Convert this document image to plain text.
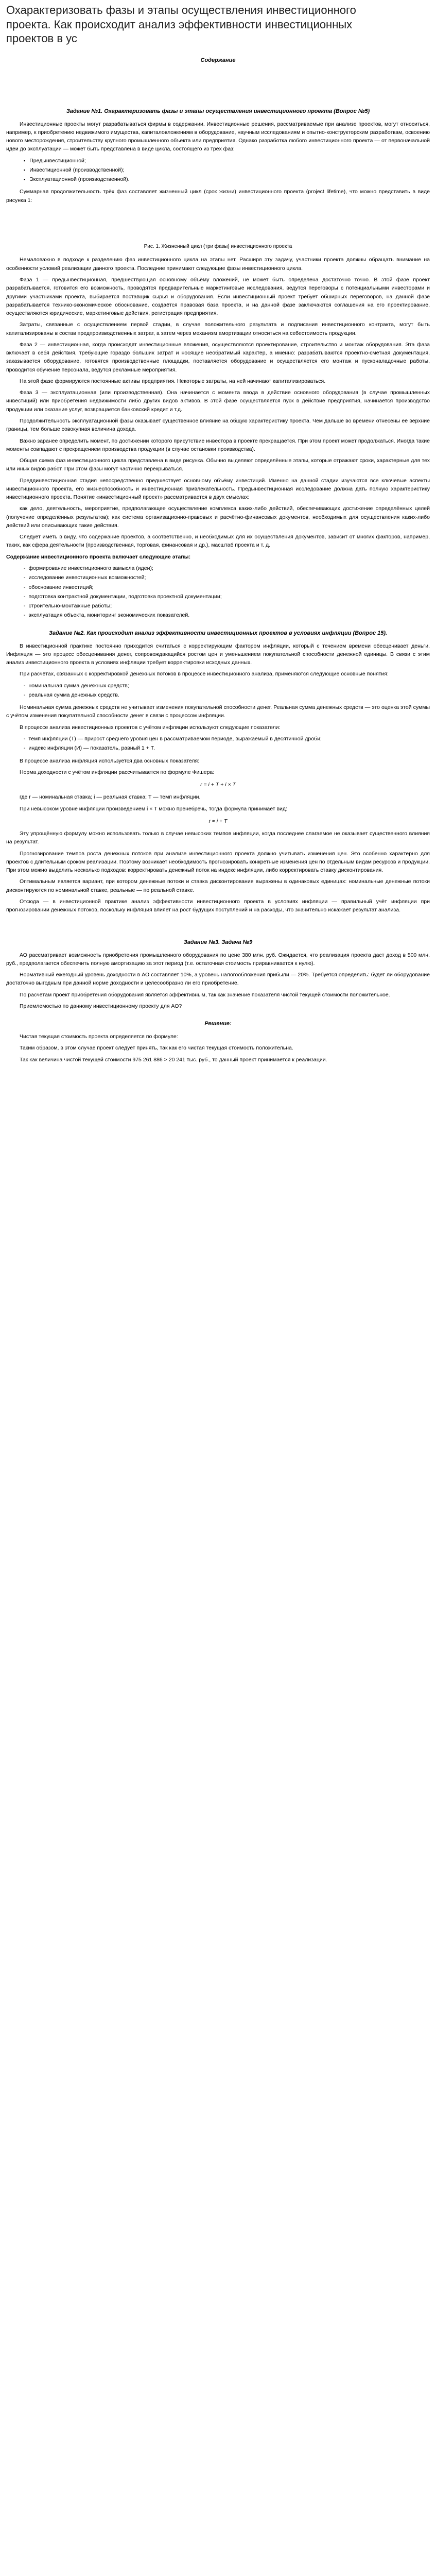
Охарактеризовать фазы и этапы осуществления инвестиционного проекта. Как происходит анализ эффективности инвестиционных проектов в ус
Содержание
Задание №1. Охарактеризовать фазы и этапы осуществления инвестиционного проекта (Вопрос №5)

Инвестиционные проекты могут разрабатываться фирмы в содержании. Инвестиционные решения, рассматриваемые при анализе проектов, могут относиться, например, к приобретению недвижимого имущества, капиталовложениям в оборудование, научным исследованиям и опытно-конструкторским разработкам, освоению нового месторождения, строительству крупного промышленного объекта или предприятия. Однако разработка любого инвестиционного проекта — от первоначальной идеи до эксплуатации — может быть представлена в виде цикла, состоящего из трёх фаз:

▪ Предынвестиционной;
▪ Инвестиционной (производственной);
▪ Эксплуатационной (производственной).

Суммарная продолжительность трёх фаз составляет жизненный цикл (срок жизни) инвестиционного проекта (project lifetime), что можно представить в виде рисунка 1:

Рис. 1. Жизненный цикл (три фазы) инвестиционного проекта

Немаловажно в подходе к разделению фаз инвестиционного цикла на этапы нет. Расширя эту задачу, участники проекта должны обращать внимание на особенности условий реализации данного проекта. Последние принимают следующие фазы инвестиционного цикла.

Фаза 1 — предынвестиционная, предшествующая основному объёму вложений, не может быть определена достаточно точно. В этой фазе проект разрабатывается, готовится его возможность, проводятся предварительные маркетинговые исследования, ведутся переговоры с потенциальными инвесторами и другими участниками проекта, выбирается поставщик сырья и оборудования. Если инвестиционный проект требует обширных переговоров, на данной фазе разрабатывается технико-экономическое обоснование, создаётся правовая база проекта, и на данной фазе заключаются соглашения на его проектирование, осуществляются юридические, маркетинговые действия, регистрация предприятия.

Затраты, связанные с осуществлением первой стадии, в случае положительного результата и подписания инвестиционного контракта, могут быть капитализированы в состав предпроизводственных затрат, а затем через механизм амортизации относиться на себестоимость продукции.

Фаза 2 — инвестиционная, когда происходят инвестиционные вложения, осуществляются проектирование, строительство и монтаж оборудования. Эта фаза включает в себя действия, требующие гораздо больших затрат и носящие необратимый характер, а именно: разрабатываются проектно-сметная документация, заказывается оборудование, готовятся производственные площадки, поставляется оборудование и осуществляется его монтаж и пусконаладочные работы, проводится обучение персонала, ведутся рекламные мероприятия.

На этой фазе формируются постоянные активы предприятия. Некоторые затраты, на ней начинают капитализироваться.

Фаза 3 — эксплуатационная (или производственная). Она начинается с момента ввода в действие основного оборудования (в случае промышленных инвестиций) или приобретения недвижимости либо других видов активов. В этой фазе осуществляется пуск в действие предприятия, начинается производство продукции или оказание услуг, возвращается банковский кредит и т.д.

Продолжительность эксплуатационной фазы оказывает существенное влияние на общую характеристику проекта. Чем дальше во времени отнесены её верхние границы, тем больше совокупная величина дохода.

Важно заранее определить момент, по достижении которого присутствие инвестора в проекте прекращается. При этом проект может продолжаться. Иногда такие моменты совпадают с прекращением производства продукции (в случае остановки производства).

Общая схема фаз инвестиционного цикла представлена в виде рисунка. Обычно выделяют определённые этапы, которые отражают сроки, характерные для тех или иных видов работ. При этом фазы могут частично перекрываться.

Преддинвестиционная стадия непосредственно предшествует основному объёму инвестиций. Именно на данной стадии изучаются все ключевые аспекты инвестиционного проекта, его жизнеспособность и инвестиционная привлекательность. Предынвестиционная исследование должна дать полную характеристику инвестиционного проекта. Понятие «инвестиционный проект» рассматривается в двух смыслах:

как дело, деятельность, мероприятие, предполагающее осуществление комплекса каких-либо действий, обеспечивающих достижение определённых целей (получение определённых результатов); как система организационно-правовых и расчётно-финансовых документов, необходимых для осуществления каких-либо действий или описывающих такие действия.

Следует иметь в виду, что содержание проектов, а соответственно, и необходимых для их осуществления документов, зависит от многих факторов, например, таких, как сфера деятельности (производственная, торговая, финансовая и др.), масштаб проекта и т. д.

Содержание инвестиционного проекта включает следующие этапы:

- формирование инвестиционного замысла (идеи);
- исследование инвестиционных возможностей;
- обоснование инвестиций;
- подготовка контрактной документации, подготовка проектной документации;
- строительно-монтажные работы;
- эксплуатация объекта, мониторинг экономических показателей.
Задание №2. Как происходит анализ эффективности инвестиционных проектов в условиях инфляции (Вопрос 15).

В инвестиционной практике постоянно приходится считаться с корректирующим фактором инфляции, который с течением времени обесценивает деньги. Инфляция — это процесс обесценивания денег, сопровождающийся ростом цен и уменьшением покупательной способности денежной единицы. В связи с этим анализ инвестиционного проекта в условиях инфляции требует корректировки исходных данных.

При расчётах, связанных с корректировкой денежных потоков в процессе инвестиционного анализа, применяются следующие основные понятия:

- номинальная сумма денежных средств;
- реальная сумма денежных средств.

Номинальная сумма денежных средств не учитывает изменения покупательной способности денег. Реальная сумма денежных средств — это оценка этой суммы с учётом изменения покупательной способности денег в связи с процессом инфляции.

В процессе анализа инвестиционных проектов с учётом инфляции используют следующие показатели:

- темп инфляции (Т) — прирост среднего уровня цен в рассматриваемом периоде, выражаемый в десятичной дроби;
- индекс инфляции (И) — показатель, равный 1 + Т.

В процессе анализа инфляция используется два основных показателя:

Норма доходности с учётом инфляции рассчитывается по формуле Фишера:

r = i + T + i × T

где r — номинальная ставка; i — реальная ставка; T — темп инфляции.

При невысоком уровне инфляции произведением i × T можно пренебречь, тогда формула принимает вид:

r ≈ i + T

Эту упрощённую формулу можно использовать только в случае невысоких темпов инфляции, когда последнее слагаемое не оказывает существенного влияния на результат.

Прогнозирование темпов роста денежных потоков при анализе инвестиционного проекта должно учитывать изменения цен. Это особенно характерно для проектов с длительным сроком реализации. Поэтому возникает необходимость прогнозировать конкретные изменения цен по отдельным видам ресурсов и продукции. При этом можно выделить несколько подходов: корректировать денежный поток на индекс инфляции, либо корректировать ставку дисконтирования.

Оптимальным является вариант, при котором денежные потоки и ставка дисконтирования выражены в одинаковых единицах: номинальные денежные потоки дисконтируются по номинальной ставке, реальные — по реальной ставке.

Отсюда — в инвестиционной практике анализ эффективности инвестиционного проекта в условиях инфляции — правильный учёт инфляции при прогнозировании денежных потоков, поскольку инфляция влияет на рост будущих поступлений и на расходы, что значительно искажает результат анализа.

Задание №3. Задача №9

АО рассматривает возможность приобретения промышленного оборудования по цене 380 млн. руб. Ожидается, что реализация проекта даст доход в 500 млн. руб., предполагается обеспечить полную амортизацию за этот период (т.е. остаточная стоимость приравнивается к нулю).

Нормативный ежегодный уровень доходности в АО составляет 10%, а уровень налогообложения прибыли — 20%. Требуется определить: будет ли оборудование достаточно выгодным при данной норме доходности и целесообразно ли его приобретение.

По расчётам проект приобретения оборудования является эффективным, так как значение показателя чистой текущей стоимости положительное.

Приемлемостью по данному инвестиционному проекту для АО?

Решение:

Чистая текущая стоимость проекта определяется по формуле:

Таким образом, в этом случае проект следует принять, так как его чистая текущая стоимость положительна.

Так как величина чистой текущей стоимости 975 261 886 > 20 241 тыс. руб., то данный проект принимается к реализации.
